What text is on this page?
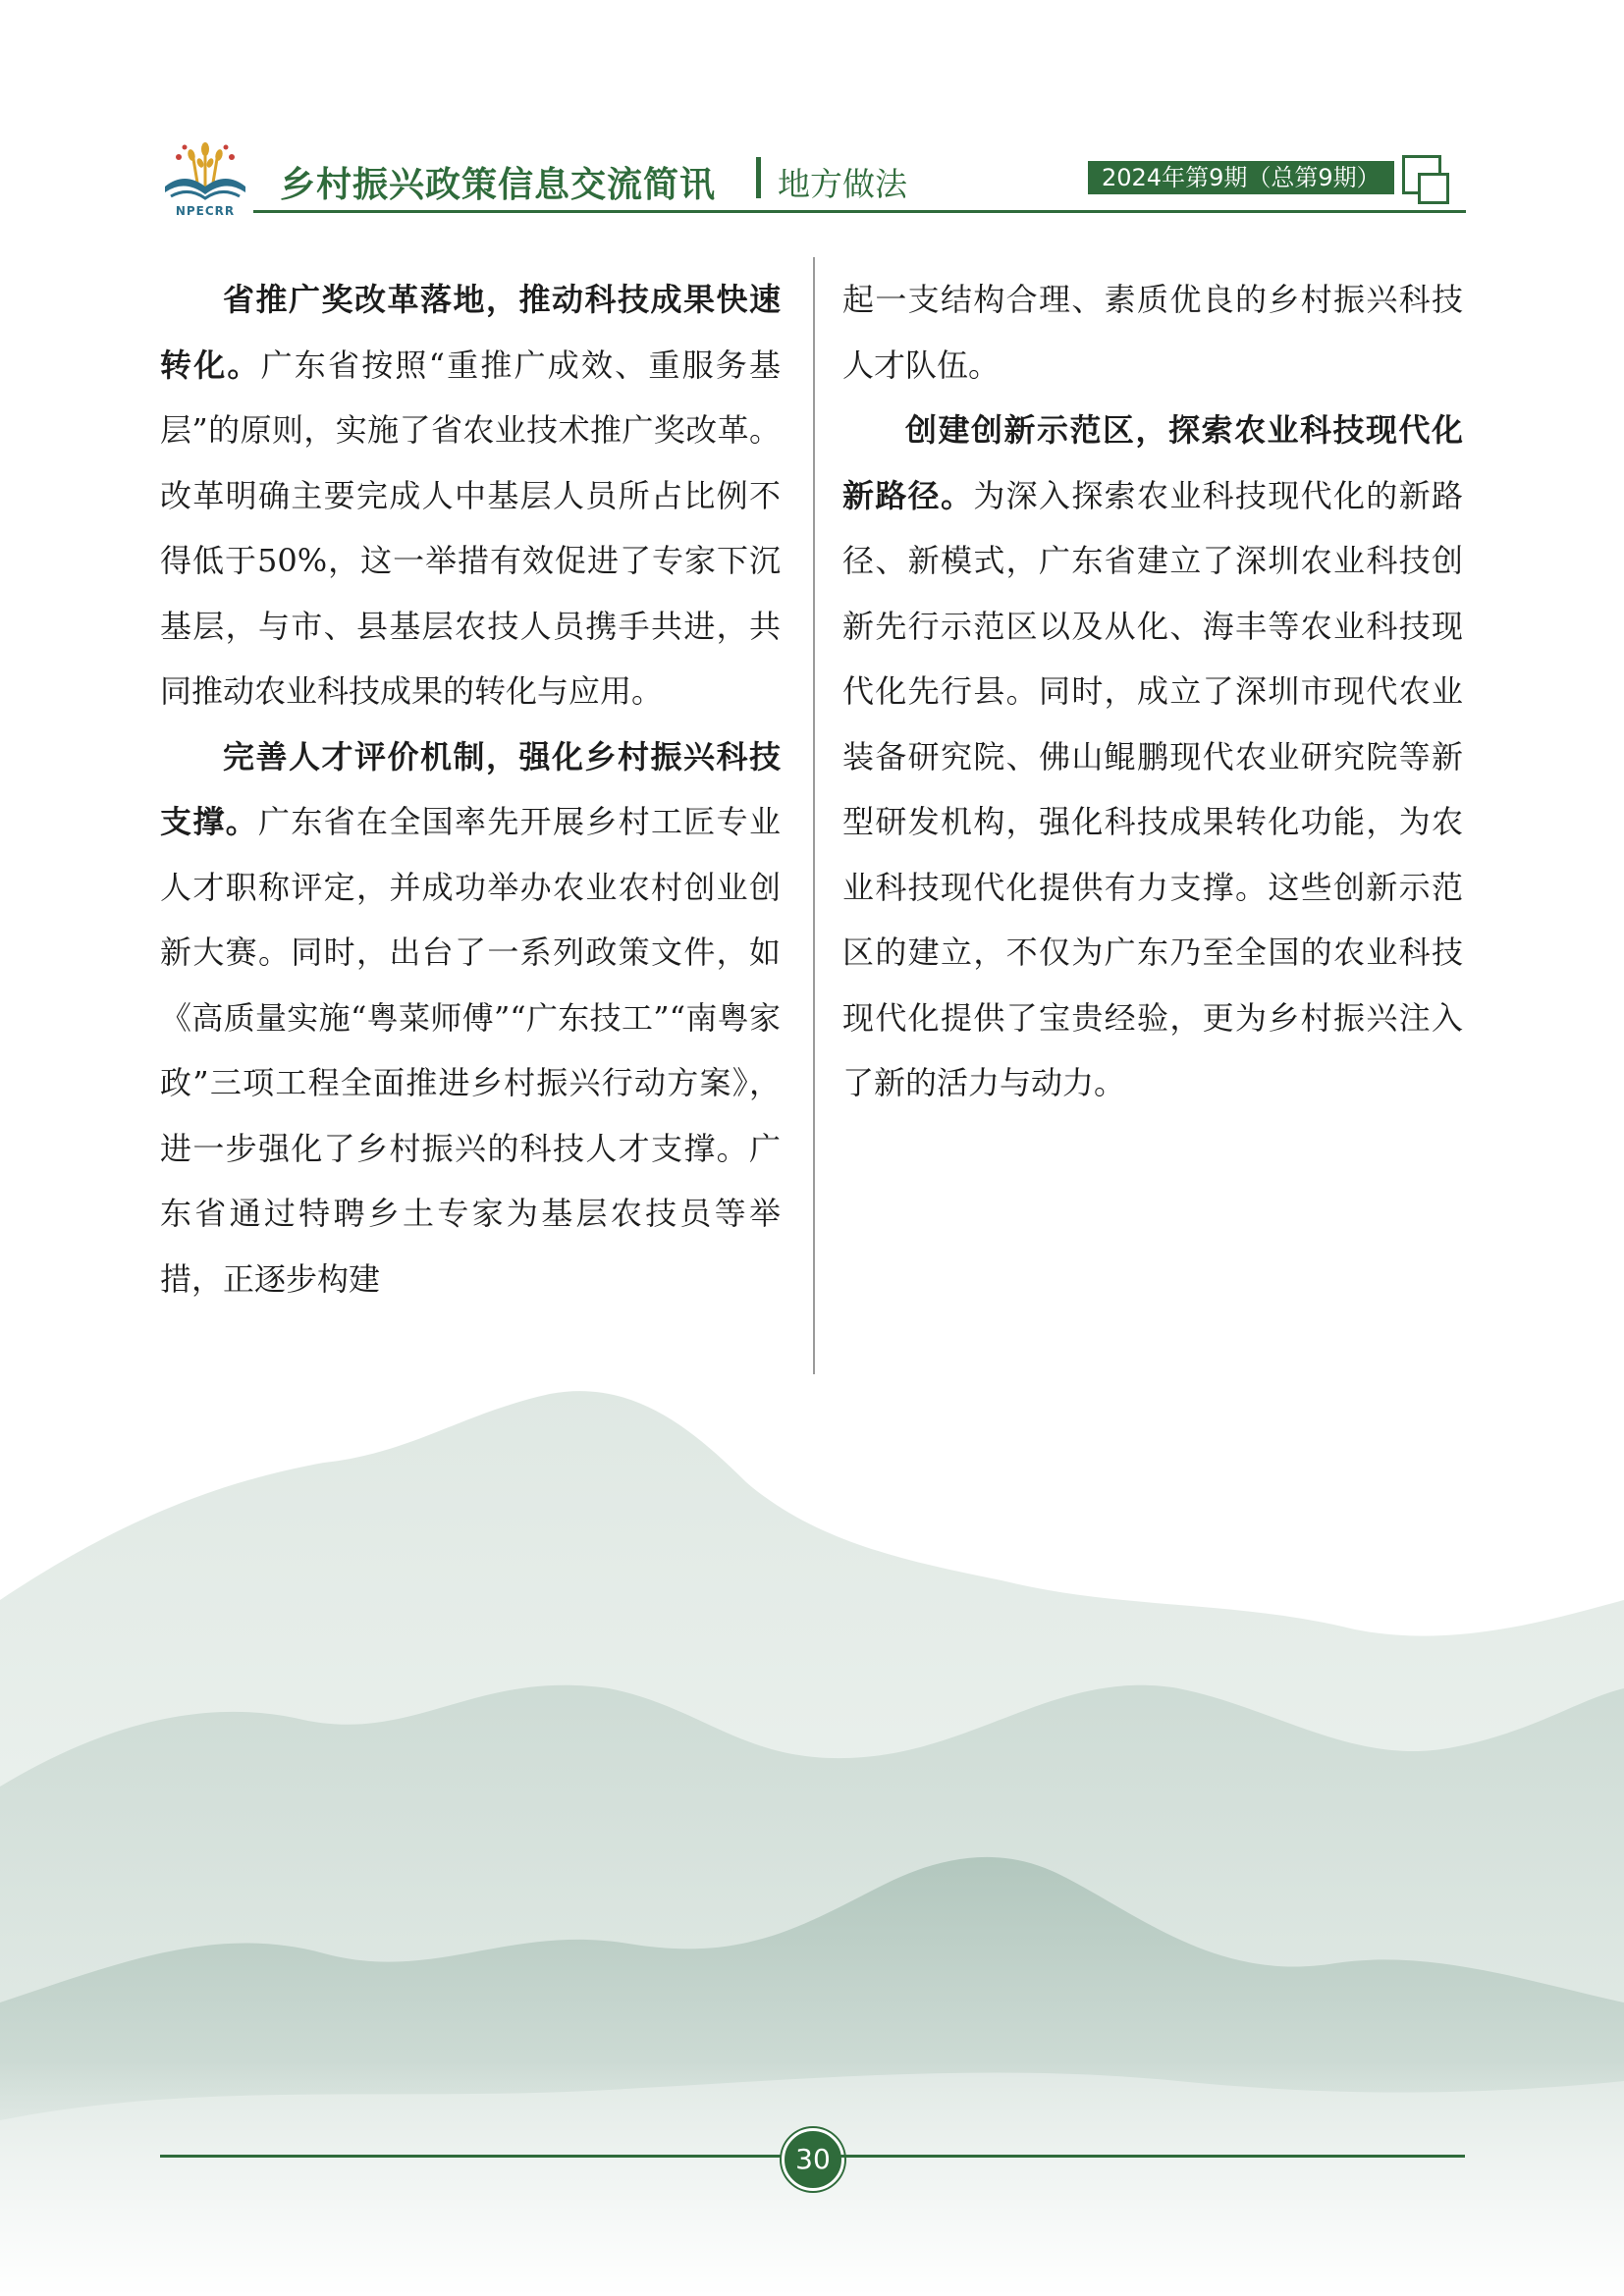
NPECRR
乡村振兴政策信息交流简讯 地方做法	2024年第9期（总第9期）

省推广奖改革落地，推动科技成果快速转化。广东省按照“重推广成效、重服务基层”的原则，实施了省农业技术推广奖改革。改革明确主要完成人中基层人员所占比例不得低于50%，这一举措有效促进了专家下沉基层，与市、县基层农技人员携手共进，共同推动农业科技成果的转化与应用。

完善人才评价机制，强化乡村振兴科技支撑。广东省在全国率先开展乡村工匠专业人才职称评定，并成功举办农业农村创业创新大赛。同时，出台了一系列政策文件，如《高质量实施“粤菜师傅”“广东技工”“南粤家政”三项工程全面推进乡村振兴行动方案》，进一步强化了乡村振兴的科技人才支撑。广东省通过特聘乡土专家为基层农技员等举措，正逐步构建

起一支结构合理、素质优良的乡村振兴科技人才队伍。

创建创新示范区，探索农业科技现代化新路径。为深入探索农业科技现代化的新路径、新模式，广东省建立了深圳农业科技创新先行示范区以及从化、海丰等农业科技现代化先行县。同时，成立了深圳市现代农业装备研究院、佛山鲲鹏现代农业研究院等新型研发机构，强化科技成果转化功能，为农业科技现代化提供有力支撑。这些创新示范区的建立，不仅为广东乃至全国的农业科技现代化提供了宝贵经验，更为乡村振兴注入了新的活力与动力。

30
